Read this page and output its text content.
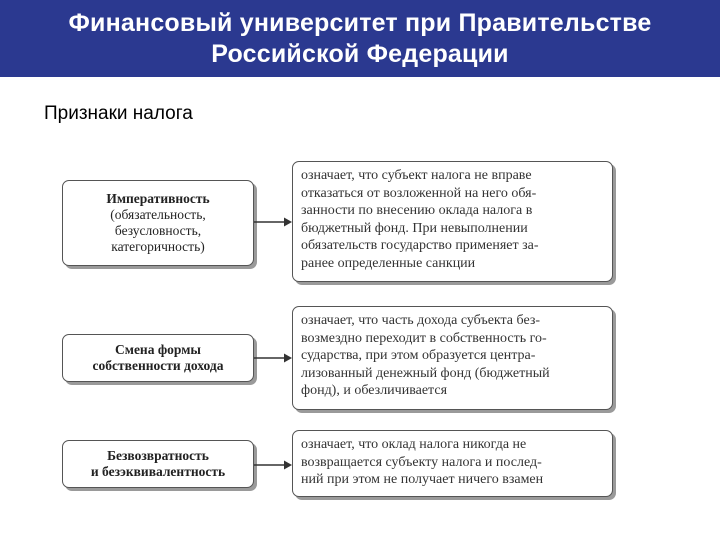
Финансовый университет при Правительстве
Российской Федерации
Признаки налога
Императивность
(обязательность,
безусловность,
категоричность)
означает, что субъект налога не вправе
отказаться от возложенной на него обя-
занности по внесению оклада налога в
бюджетный фонд. При невыполнении
обязательств государство применяет за-
ранее определенные санкции
Смена формы
собственности дохода
означает, что часть дохода субъекта без-
возмездно переходит в собственность го-
сударства, при этом образуется центра-
лизованный денежный фонд (бюджетный
фонд), и обезличивается
Безвозвратность
и безэквивалентность
означает, что оклад налога никогда не
возвращается субъекту налога и послед-
ний при этом не получает ничего взамен
